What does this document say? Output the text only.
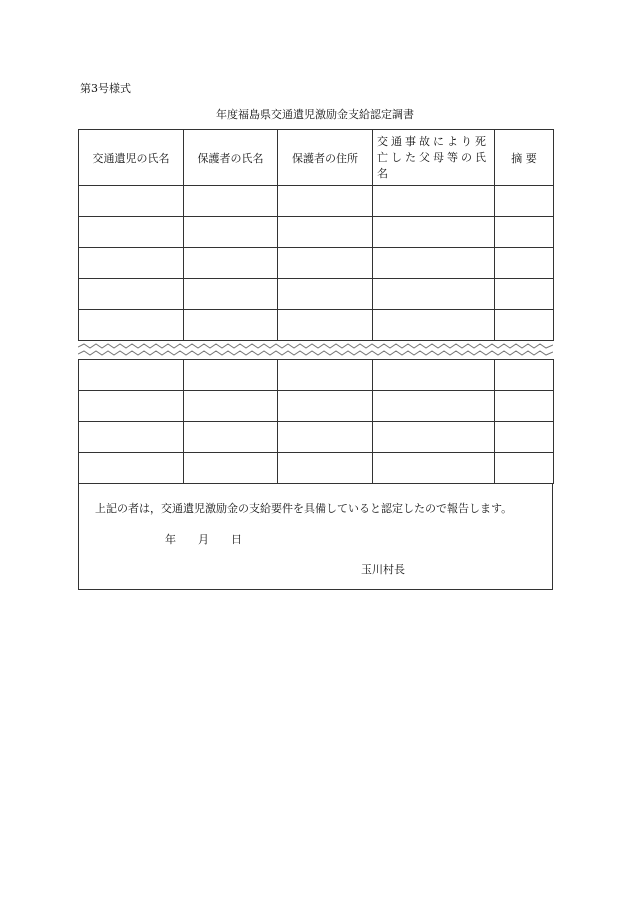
第3号様式
年度福島県交通遺児激励金支給認定調書
交通遺児の氏名	保護者の氏名	保護者の住所	交通事故により死亡した父母等の氏名	摘 要

上記の者は，交通遺児激励金の支給要件を具備していると認定したので報告します。
年 月 日
玉川村長
